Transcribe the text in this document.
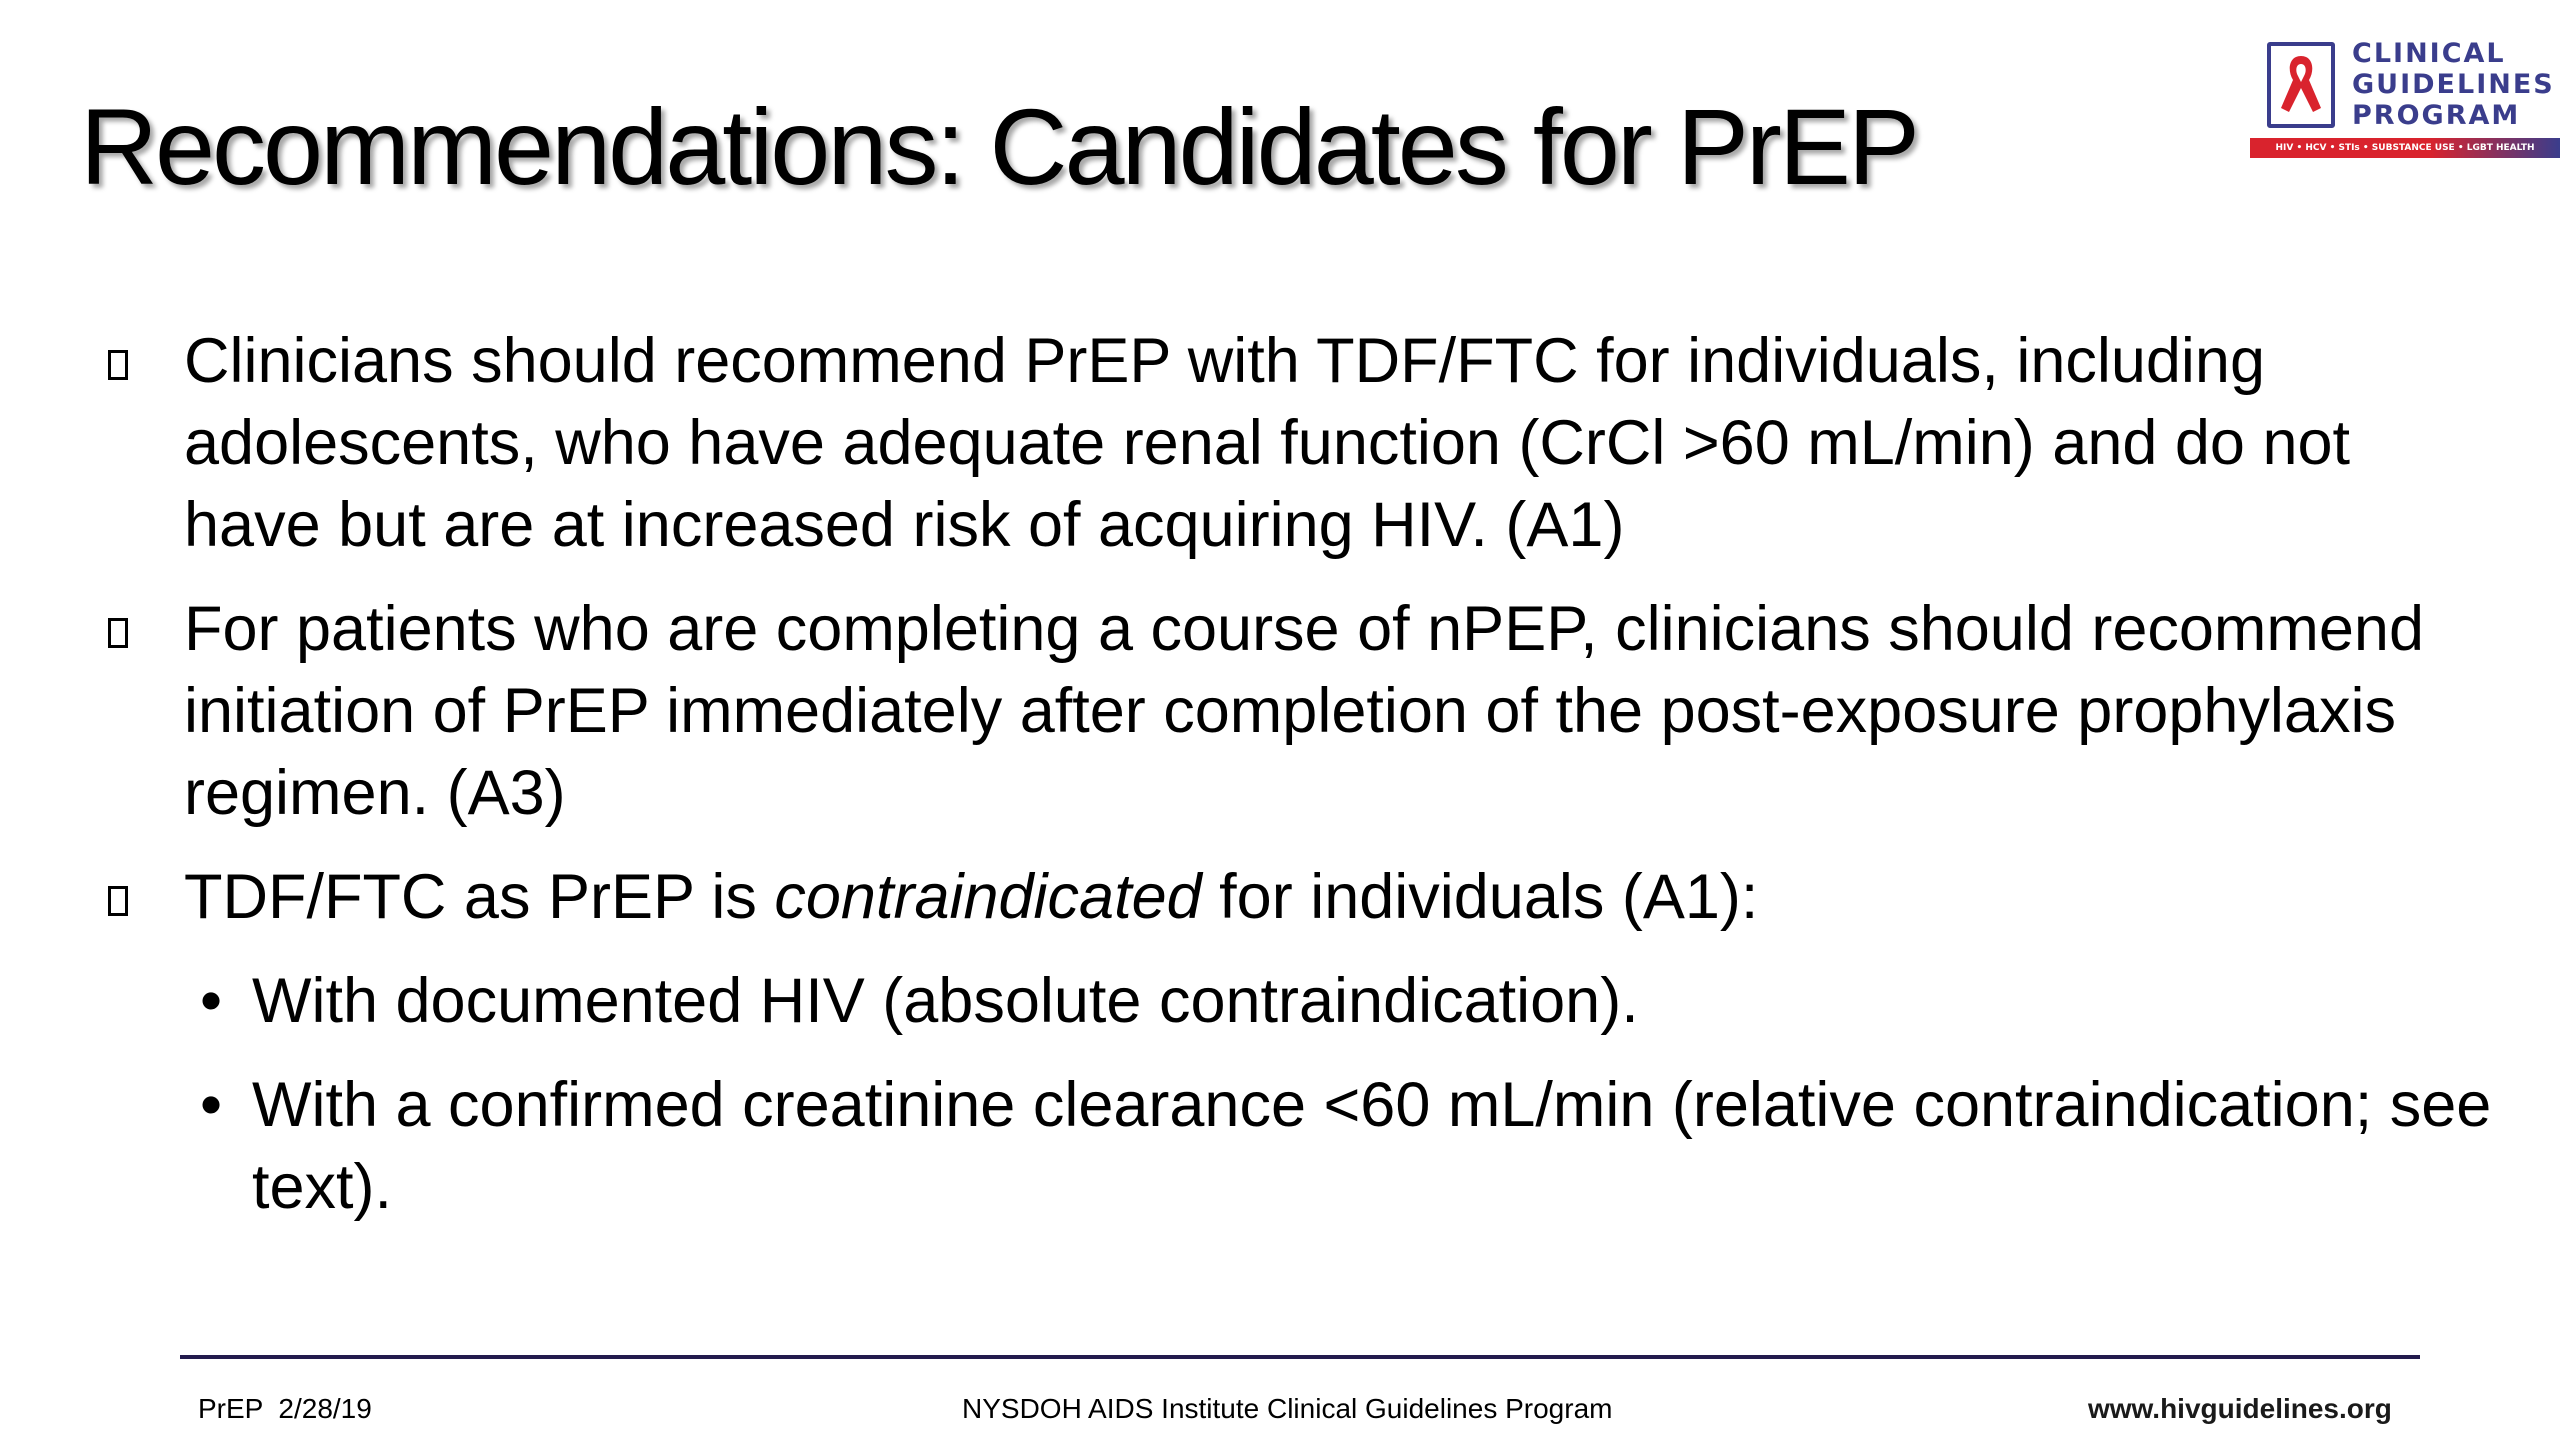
Recommendations: Candidates for PrEP
CLINICAL
GUIDELINES
PROGRAM
HIV • HCV • STIs • SUBSTANCE USE • LGBT HEALTH
Clinicians should recommend PrEP with TDF/FTC for individuals, including adolescents, who have adequate renal function (CrCl >60 mL/min) and do not have but are at increased risk of acquiring HIV. (A1)
For patients who are completing a course of nPEP, clinicians should recommend initiation of PrEP immediately after completion of the post-exposure prophylaxis regimen. (A3)
TDF/FTC as PrEP is contraindicated for individuals (A1):
• With documented HIV (absolute contraindication).
• With a confirmed creatinine clearance <60 mL/min (relative contraindication; see text).
PrEP  2/28/19	NYSDOH AIDS Institute Clinical Guidelines Program	www.hivguidelines.org
